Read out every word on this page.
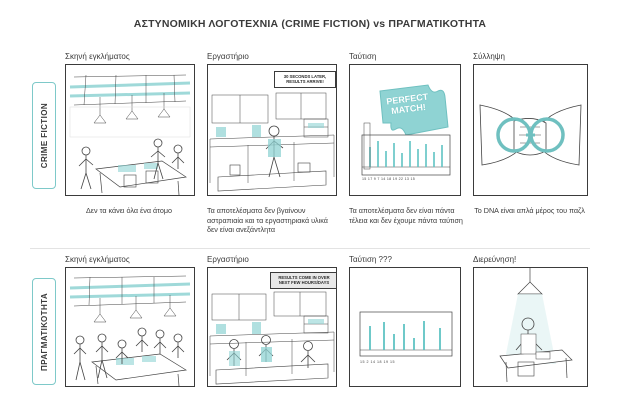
ΑΣΤΥΝΟΜΙΚΗ ΛΟΓΟΤΕΧΝΙΑ (CRIME FICTION) vs ΠΡΑΓΜΑΤΙΚΟΤΗΤΑ
CRIME FICTION
ΠΡΑΓΜΑΤΙΚΟΤΗΤΑ
Σκηνή εγκλήματος
Δεν τα κάνει όλα ένα άτομο
Εργαστήριο
30 SECONDS LATER, RESULTS ARRIVE!
Τα αποτελέσματα δεν βγαίνουν αστραπιαία και τα εργαστηριακά υλικά δεν είναι ανεξάντλητα
Ταύτιση
PERFECT MATCH!
15 17 9 7 14 18 19 22 13 15
Τα αποτελέσματα δεν είναι πάντα τέλεια και δεν έχουμε πάντα ταύτιση
Σύλληψη
Το DNA είναι απλά μέρος του παζλ
Σκηνή εγκλήματος	Εργαστήριο
RESULTS COME IN OVER NEXT FEW HOURS/DAYS
Ταύτιση ???
15 2 14 18 19 15
Διερεύνηση!
